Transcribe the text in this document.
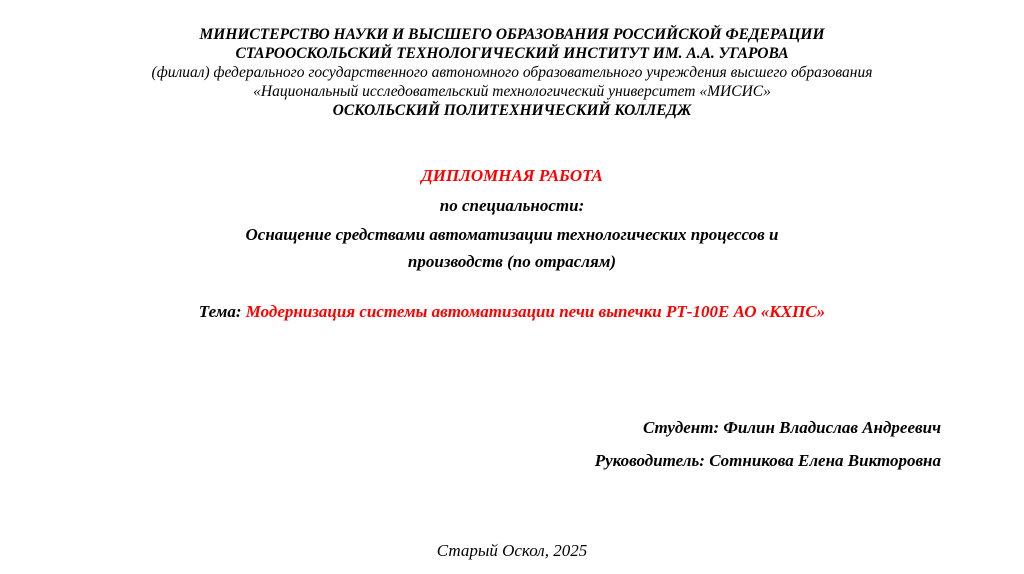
МИНИСТЕРСТВО НАУКИ И ВЫСШЕГО ОБРАЗОВАНИЯ РОССИЙСКОЙ ФЕДЕРАЦИИ
СТАРООСКОЛЬСКИЙ ТЕХНОЛОГИЧЕСКИЙ ИНСТИТУТ ИМ. А.А. УГАРОВА
(филиал) федерального государственного автономного образовательного учреждения высшего образования
«Национальный исследовательский технологический университет «МИСИС»
ОСКОЛЬСКИЙ ПОЛИТЕХНИЧЕСКИЙ КОЛЛЕДЖ
ДИПЛОМНАЯ РАБОТА
по специальности:
Оснащение средствами автоматизации технологических процессов и
производств (по отраслям)
Тема: Модернизация системы автоматизации печи выпечки РТ-100Е АО «КХПС»
Студент: Филин Владислав Андреевич
Руководитель: Сотникова Елена Викторовна
Старый Оскол, 2025
